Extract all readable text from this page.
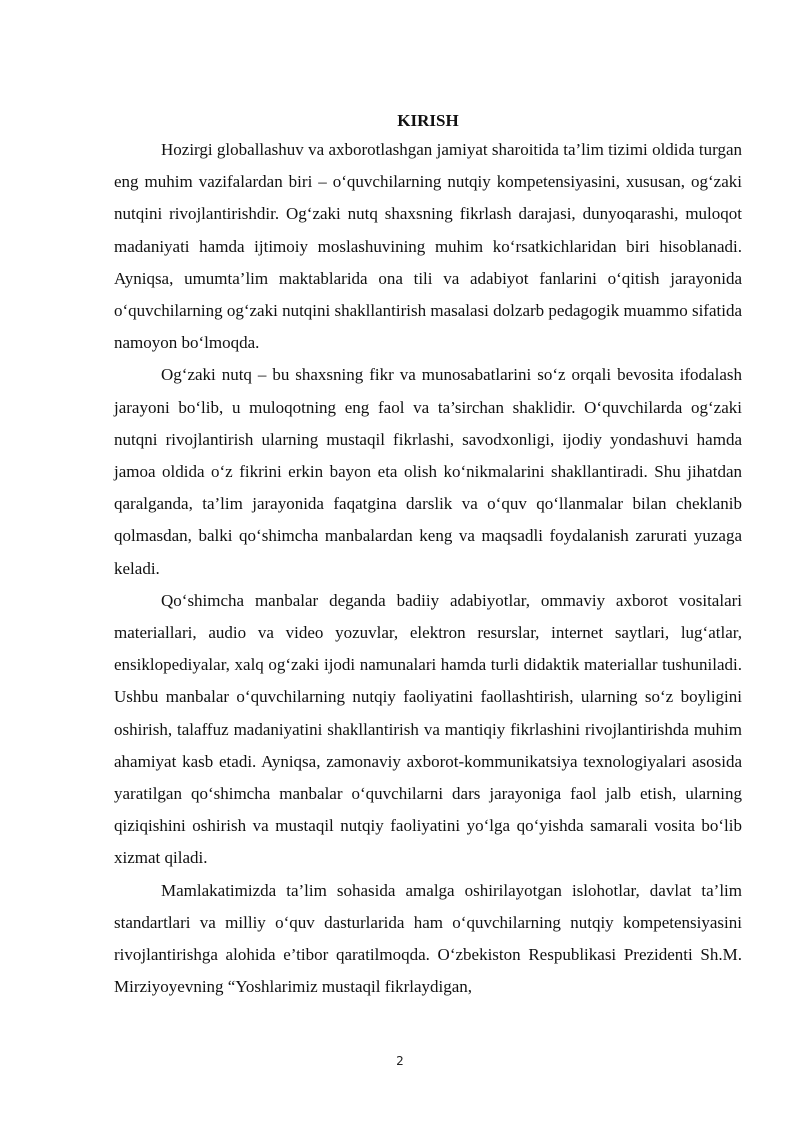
KIRISH

Hozirgi globallashuv va axborotlashgan jamiyat sharoitida ta’lim tizimi oldida turgan eng muhim vazifalardan biri – o‘quvchilarning nutqiy kompetensiyasini, xususan, og‘zaki nutqini rivojlantirishdir. Og‘zaki nutq shaxsning fikrlash darajasi, dunyoqarashi, muloqot madaniyati hamda ijtimoiy moslashuvining muhim ko‘rsatkichlaridan biri hisoblanadi. Ayniqsa, umumta’lim maktablarida ona tili va adabiyot fanlarini o‘qitish jarayonida o‘quvchilarning og‘zaki nutqini shakllantirish masalasi dolzarb pedagogik muammo sifatida namoyon bo‘lmoqda.

Og‘zaki nutq – bu shaxsning fikr va munosabatlarini so‘z orqali bevosita ifodalash jarayoni bo‘lib, u muloqotning eng faol va ta’sirchan shaklidir. O‘quvchilarda og‘zaki nutqni rivojlantirish ularning mustaqil fikrlashi, savodxonligi, ijodiy yondashuvi hamda jamoa oldida o‘z fikrini erkin bayon eta olish ko‘nikmalarini shakllantiradi. Shu jihatdan qaralganda, ta’lim jarayonida faqatgina darslik va o‘quv qo‘llanmalar bilan cheklanib qolmasdan, balki qo‘shimcha manbalardan keng va maqsadli foydalanish zarurati yuzaga keladi.

Qo‘shimcha manbalar deganda badiiy adabiyotlar, ommaviy axborot vositalari materiallari, audio va video yozuvlar, elektron resurslar, internet saytlari, lug‘atlar, ensiklopediyalar, xalq og‘zaki ijodi namunalari hamda turli didaktik materiallar tushuniladi. Ushbu manbalar o‘quvchilarning nutqiy faoliyatini faollashtirish, ularning so‘z boyligini oshirish, talaffuz madaniyatini shakllantirish va mantiqiy fikrlashini rivojlantirishda muhim ahamiyat kasb etadi. Ayniqsa, zamonaviy axborot-kommunikatsiya texnologiyalari asosida yaratilgan qo‘shimcha manbalar o‘quvchilarni dars jarayoniga faol jalb etish, ularning qiziqishini oshirish va mustaqil nutqiy faoliyatini yo‘lga qo‘yishda samarali vosita bo‘lib xizmat qiladi.

Mamlakatimizda ta’lim sohasida amalga oshirilayotgan islohotlar, davlat ta’lim standartlari va milliy o‘quv dasturlarida ham o‘quvchilarning nutqiy kompetensiyasini rivojlantirishga alohida e’tibor qaratilmoqda. O‘zbekiston Respublikasi Prezidenti Sh.M. Mirziyoyevning “Yoshlarimiz mustaqil fikrlaydigan,

2
